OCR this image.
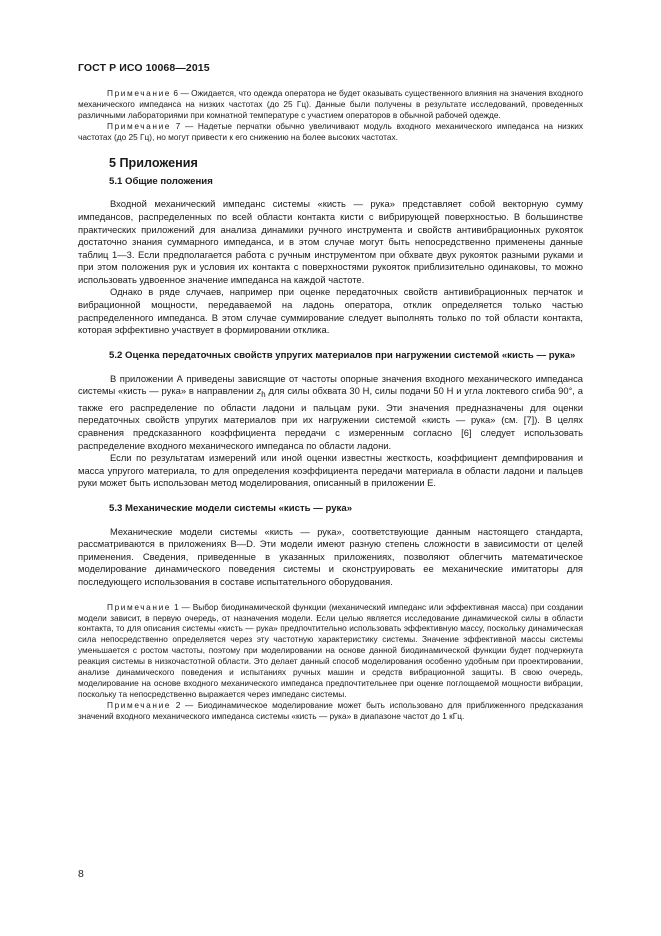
ГОСТ Р ИСО 10068—2015

Примечание 6 — Ожидается, что одежда оператора не будет оказывать существенного влияния на значения входного механического импеданса на низких частотах (до 25 Гц). Данные были получены в результате исследований, проведенных различными лабораториями при комнатной температуре с участием операторов в обычной рабочей одежде.

Примечание 7 — Надетые перчатки обычно увеличивают модуль входного механического импеданса на низких частотах (до 25 Гц), но могут привести к его снижению на более высоких частотах.

5 Приложения
5.1 Общие положения

Входной механический импеданс системы «кисть — рука» представляет собой векторную сумму импедансов, распределенных по всей области контакта кисти с вибрирующей поверхностью. В большинстве практических приложений для анализа динамики ручного инструмента и свойств антивибрационных рукояток достаточно знания суммарного импеданса, и в этом случае могут быть непосредственно применены данные таблиц 1—3. Если предполагается работа с ручным инструментом при обхвате двух рукояток разными руками и при этом положения рук и условия их контакта с поверхностями рукояток приблизительно одинаковы, то можно использовать удвоенное значение импеданса на каждой частоте.

Однако в ряде случаев, например при оценке передаточных свойств антивибрационных перчаток и вибрационной мощности, передаваемой на ладонь оператора, отклик определяется только частью распределенного импеданса. В этом случае суммирование следует выполнять только по той области контакта, которая эффективно участвует в формировании отклика.

5.2 Оценка передаточных свойств упругих материалов при нагружении системой «кисть — рука»

В приложении А приведены зависящие от частоты опорные значения входного механического импеданса системы «кисть — рука» в направлении $z_h$ для силы обхвата 30 Н, силы подачи 50 Н и угла локтевого сгиба 90°, а также его распределение по области ладони и пальцам руки. Эти значения предназначены для оценки передаточных свойств упругих материалов при их нагружении системой «кисть — рука» (см. [7]). В целях сравнения предсказанного коэффициента передачи с измеренным согласно [6] следует использовать распределение входного механического импеданса по области ладони.

Если по результатам измерений или иной оценки известны жесткость, коэффициент демпфирования и масса упругого материала, то для определения коэффициента передачи материала в области ладони и пальцев руки может быть использован метод моделирования, описанный в приложении Е.

5.3 Механические модели системы «кисть — рука»

Механические модели системы «кисть — рука», соответствующие данным настоящего стандарта, рассматриваются в приложениях В—D. Эти модели имеют разную степень сложности в зависимости от целей применения. Сведения, приведенные в указанных приложениях, позволяют облегчить математическое моделирование динамического поведения системы и сконструировать ее механические имитаторы для последующего использования в составе испытательного оборудования.

Примечание 1 — Выбор биодинамической функции (механический импеданс или эффективная масса) при создании модели зависит, в первую очередь, от назначения модели. Если целью является исследование динамической силы в области контакта, то для описания системы «кисть — рука» предпочтительно использовать эффективную массу, поскольку динамическая сила непосредственно определяется через эту частотную характеристику системы. Значение эффективной массы системы уменьшается с ростом частоты, поэтому при моделировании на основе данной биодинамической функции будет подчеркнута реакция системы в низкочастотной области. Это делает данный способ моделирования особенно удобным при проектировании, анализе динамического поведения и испытаниях ручных машин и средств вибрационной защиты. В свою очередь, моделирование на основе входного механического импеданса предпочтительнее при оценке поглощаемой мощности вибрации, поскольку та непосредственно выражается через импеданс системы.

Примечание 2 — Биодинамическое моделирование может быть использовано для приближенного предсказания значений входного механического импеданса системы «кисть — рука» в диапазоне частот до 1 кГц.

8
